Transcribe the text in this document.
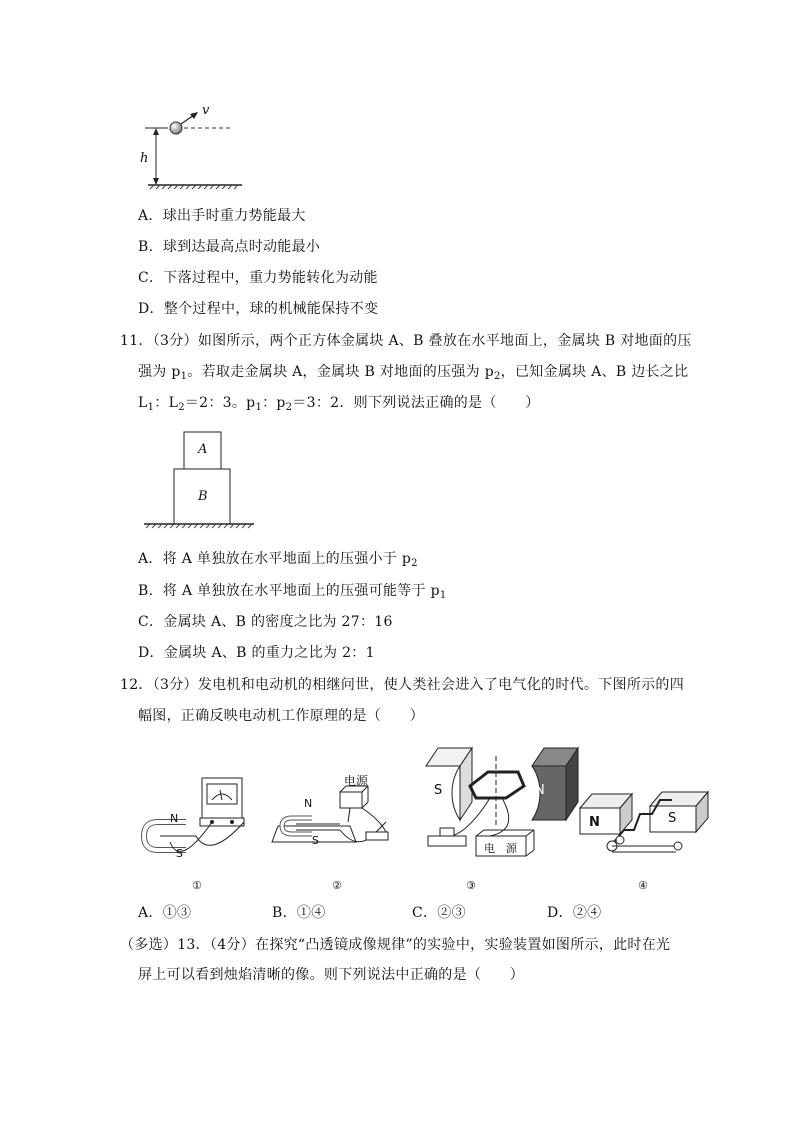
v
h
A．球出手时重力势能最大
B．球到达最高点时动能最小
C．下落过程中，重力势能转化为动能
D．整个过程中，球的机械能保持不变
11．（3分）如图所示，两个正方体金属块 A、B 叠放在水平地面上，金属块 B 对地面的压
强为 $p_1$。若取走金属块 A，金属块 B 对地面的压强为 $p_2$，已知金属块 A、B 边长之比
$L_1$：$L_2=2$：3。$p_1$：$p_2=3$：2．则下列说法正确的是（　　）
A
B
A．将 A 单独放在水平地面上的压强小于 $p_2$
B．将 A 单独放在水平地面上的压强可能等于 $p_1$
C．金属块 A、B 的密度之比为 27：16
D．金属块 A、B 的重力之比为 2：1
12．（3分）发电机和电动机的相继问世，使人类社会进入了电气化的时代。下图所示的四
幅图，正确反映电动机工作原理的是（　　）
N
S
N
S
电源
S	N
电　源
N	S
①	②	③	④
A．①③	B．①④	C．②③	D．②④
（多选）13．（4分）在探究“凸透镜成像规律”的实验中，实验装置如图所示，此时在光
屏上可以看到烛焰清晰的像。则下列说法中正确的是（　　）
